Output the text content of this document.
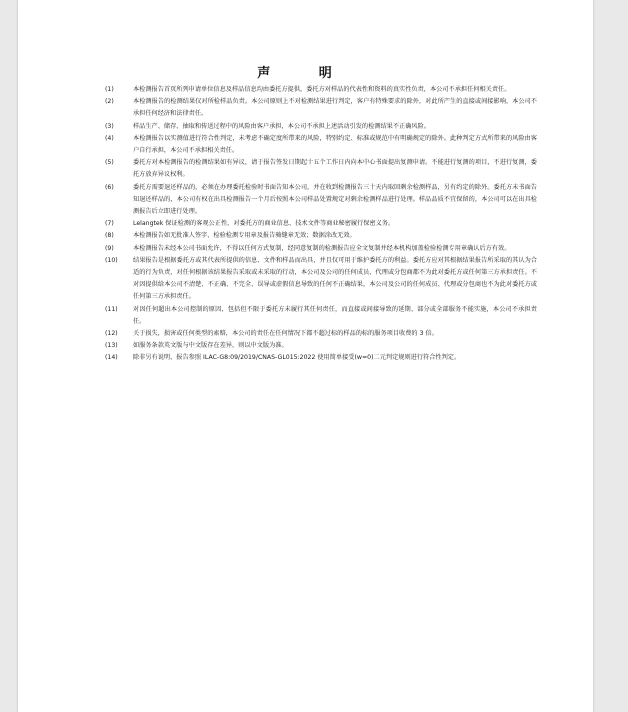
声 明
(1)	本检测报告首页所列申请单位信息及样品信息均由委托方提供，委托方对样品的代表性和资料的真实性负责，本公司不承担任何相关责任。
(2)	本检测报告的检测结果仅对所检样品负责。本公司原则上不对检测结果进行判定，客户有特殊要求的除外，对此所产生的直接或间接影响，本公司不承担任何经济和法律责任。
(3)	样品生产、储存、抽取和传送过程中的风险由客户承担，本公司不承担上述活动引发的检测结果不正确风险。
(4)	本检测报告以实测值进行符合性判定，未考虑不确定度所带来的风险，特别约定、标准或规范中有明确规定的除外。此种判定方式所带来的风险由客户自行承担，本公司不承担相关责任。
(5)	委托方对本检测报告的检测结果如有异议，请于报告签发日期起十五个工作日内向本中心书面提出复测申请。不能进行复测的项目，不进行复测，委托方放弃异议权利。
(6)	委托方需要退还样品的，必须在办理委托检验时书面告知本公司，并在收到检测报告三十天内取回剩余检测样品，另有约定的除外。委托方未书面告知退还样品的，本公司有权在出具检测报告一个月后按照本公司样品处置规定对剩余检测样品进行处理。样品品质不宜保留的，本公司可以在出具检测报告后立即进行处理。
(7)	Lelangtek 保证检测的客观公正性，对委托方的商业信息、技术文件等商业秘密履行保密义务。
(8)	本检测报告如无批准人签字、检验检测专用章及报告骑缝章无效；数据涂改无效。
(9)	本检测报告未经本公司书面允许，不得以任何方式复制，经同意复制的检测报告应全文复制并经本机构加盖检验检测专用章确认后方有效。
(10)	结果报告是根据委托方或其代表所提供的信息、文件和样品而出具，并且仅可用于维护委托方的利益。委托方应对其根据结果报告所采取的其认为合适的行为负责，对任何根据该结果报告采取或未采取的行动，本公司及公司的任何成员、代理或分包商都不为此对委托方或任何第三方承担责任。不对因提供给本公司不清楚、不正确、不完全、误导或虚假信息导致的任何不正确结果，本公司及公司的任何成员、代理或分包商也不为此对委托方或任何第三方承担责任。
(11)	对因任何超出本公司控制的原因，包括但不限于委托方未履行其任何责任，而直接或间接导致的延期、部分或全部服务不能实施，本公司不承担责任。
(12)	关于损失，损害或任何类型的索赔，本公司的责任在任何情况下都不超过标的样品的标的服务项目收费的 3 倍。
(13)	如服务条款英文版与中文版存在差异，则以中文版为准。
(14)	除非另有说明，报告参照 ILAC-G8:09/2019/CNAS-GL015:2022 使用简单接受(w=0)二元判定规则进行符合性判定。	31
